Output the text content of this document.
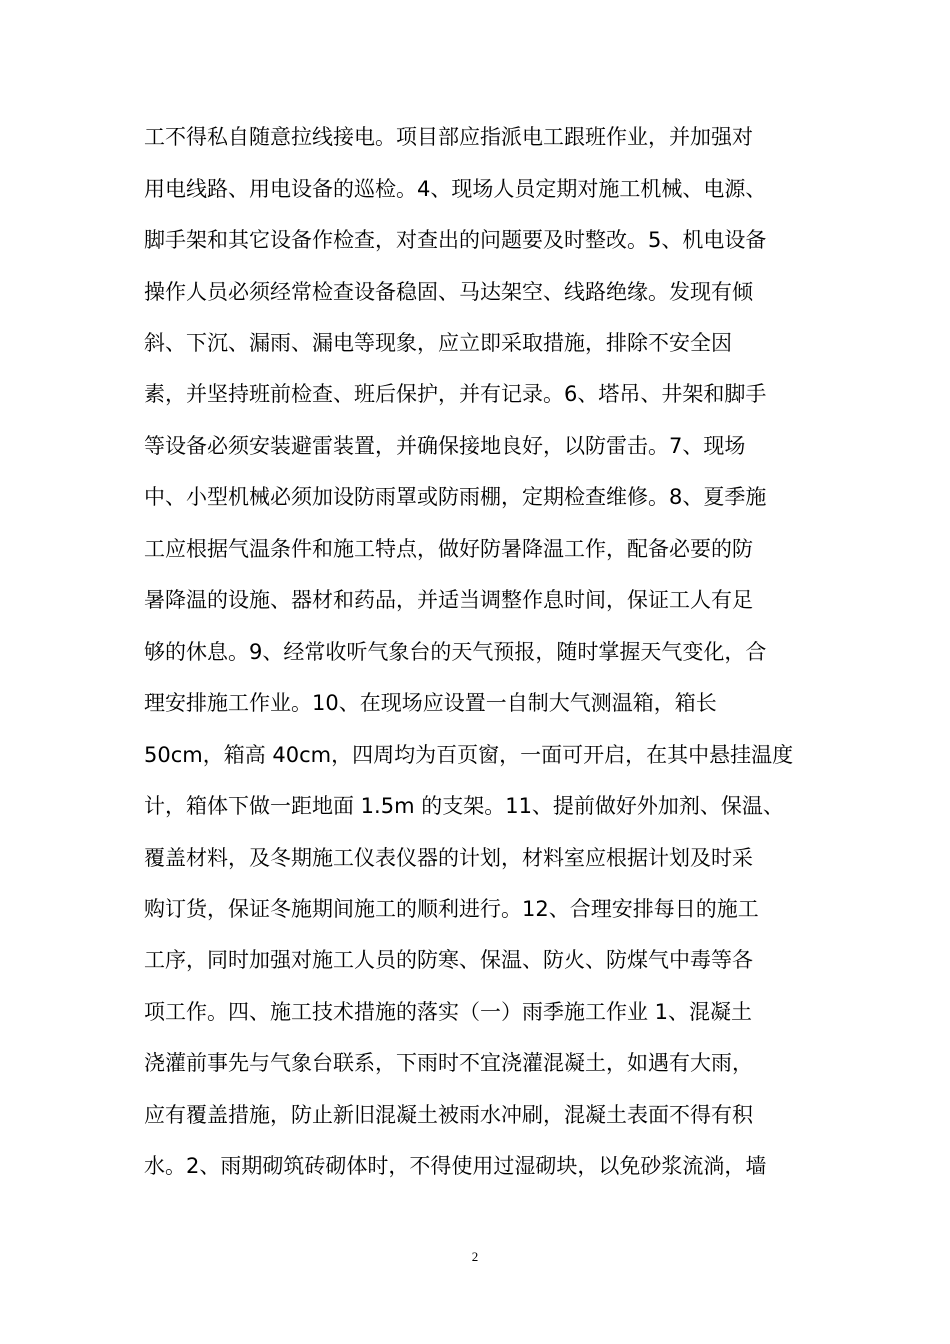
工不得私自随意拉线接电。项目部应指派电工跟班作业，并加强对
用电线路、用电设备的巡检。4、现场人员定期对施工机械、电源、
脚手架和其它设备作检查，对查出的问题要及时整改。5、机电设备
操作人员必须经常检查设备稳固、马达架空、线路绝缘。发现有倾
斜、下沉、漏雨、漏电等现象，应立即采取措施，排除不安全因
素，并坚持班前检查、班后保护，并有记录。6、塔吊、井架和脚手
等设备必须安装避雷装置，并确保接地良好，以防雷击。7、现场
中、小型机械必须加设防雨罩或防雨棚，定期检查维修。8、夏季施
工应根据气温条件和施工特点，做好防暑降温工作，配备必要的防
暑降温的设施、器材和药品，并适当调整作息时间，保证工人有足
够的休息。9、经常收听气象台的天气预报，随时掌握天气变化，合
理安排施工作业。10、在现场应设置一自制大气测温箱，箱长
50cm，箱高 40cm，四周均为百页窗，一面可开启，在其中悬挂温度
计，箱体下做一距地面 1.5m 的支架。11、提前做好外加剂、保温、
覆盖材料，及冬期施工仪表仪器的计划，材料室应根据计划及时采
购订货，保证冬施期间施工的顺利进行。12、合理安排每日的施工
工序，同时加强对施工人员的防寒、保温、防火、防煤气中毒等各
项工作。四、施工技术措施的落实（一）雨季施工作业 1、混凝土
浇灌前事先与气象台联系，下雨时不宜浇灌混凝土，如遇有大雨，
应有覆盖措施，防止新旧混凝土被雨水冲刷，混凝土表面不得有积
水。2、雨期砌筑砖砌体时，不得使用过湿砌块，以免砂浆流淌，墙
2
